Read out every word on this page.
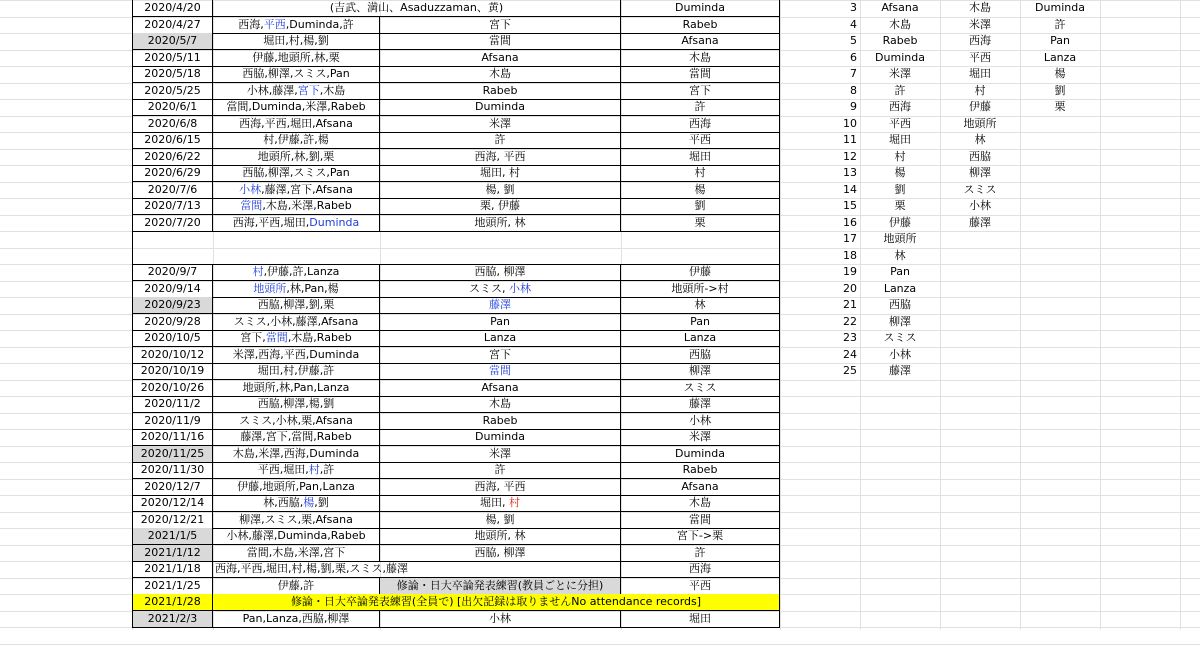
2020/4/20	(吉武、満山、Asaduzzaman、黄)	Duminda
2020/4/27	西海,平西,Duminda,許	宮下	Rabeb
2020/5/7	堀田,村,楊,劉	當間	Afsana
2020/5/11	伊藤,地頭所,林,栗	Afsana	木島
2020/5/18	西脇,柳澤,スミス,Pan	木島	當間
2020/5/25	小林,藤澤,宮下,木島	Rabeb	宮下
2020/6/1	當間,Duminda,米澤,Rabeb	Duminda	許
2020/6/8	西海,平西,堀田,Afsana	米澤	西海
2020/6/15	村,伊藤,許,楊	許	平西
2020/6/22	地頭所,林,劉,栗	西海, 平西	堀田
2020/6/29	西脇,柳澤,スミス,Pan	堀田, 村	村
2020/7/6	小林,藤澤,宮下,Afsana	楊, 劉	楊
2020/7/13	當間,木島,米澤,Rabeb	栗, 伊藤	劉
2020/7/20	西海,平西,堀田,Duminda	地頭所, 林	栗
2020/9/7	村,伊藤,許,Lanza	西脇, 柳澤	伊藤
2020/9/14	地頭所,林,Pan,楊	スミス, 小林	地頭所->村
2020/9/23	西脇,柳澤,劉,栗	藤澤	林
2020/9/28	スミス,小林,藤澤,Afsana	Pan	Pan
2020/10/5	宮下,當間,木島,Rabeb	Lanza	Lanza
2020/10/12	米澤,西海,平西,Duminda	宮下	西脇
2020/10/19	堀田,村,伊藤,許	當間	柳澤
2020/10/26	地頭所,林,Pan,Lanza	Afsana	スミス
2020/11/2	西脇,柳澤,楊,劉	木島	藤澤
2020/11/9	スミス,小林,栗,Afsana	Rabeb	小林
2020/11/16	藤澤,宮下,當間,Rabeb	Duminda	米澤
2020/11/25	木島,米澤,西海,Duminda	米澤	Duminda
2020/11/30	平西,堀田,村,許	許	Rabeb
2020/12/7	伊藤,地頭所,Pan,Lanza	西海, 平西	Afsana
2020/12/14	林,西脇,楊,劉	堀田, 村	木島
2020/12/21	柳澤,スミス,栗,Afsana	楊, 劉	當間
2021/1/5	小林,藤澤,Duminda,Rabeb	地頭所, 林	宮下->栗
2021/1/12	當間,木島,米澤,宮下	西脇, 柳澤	許
2021/1/18	西海,平西,堀田,村,楊,劉,栗,スミス,藤澤	西海
2021/1/25	伊藤,許	修論・日大卒論発表練習(教員ごとに分担)	平西
2021/1/28	修論・日大卒論発表練習(全員で) [出欠記録は取りませんNo attendance records]
2021/2/3	Pan,Lanza,西脇,柳澤	小林	堀田
3	Afsana	木島	Duminda
4	木島	米澤	許
5	Rabeb	西海	Pan
6	Duminda	平西	Lanza
7	米澤	堀田	楊
8	許	村	劉
9	西海	伊藤	栗
10	平西	地頭所
11	堀田	林
12	村	西脇
13	楊	柳澤
14	劉	スミス
15	栗	小林
16	伊藤	藤澤
17	地頭所
18	林
19	Pan
20	Lanza
21	西脇
22	柳澤
23	スミス
24	小林
25	藤澤
